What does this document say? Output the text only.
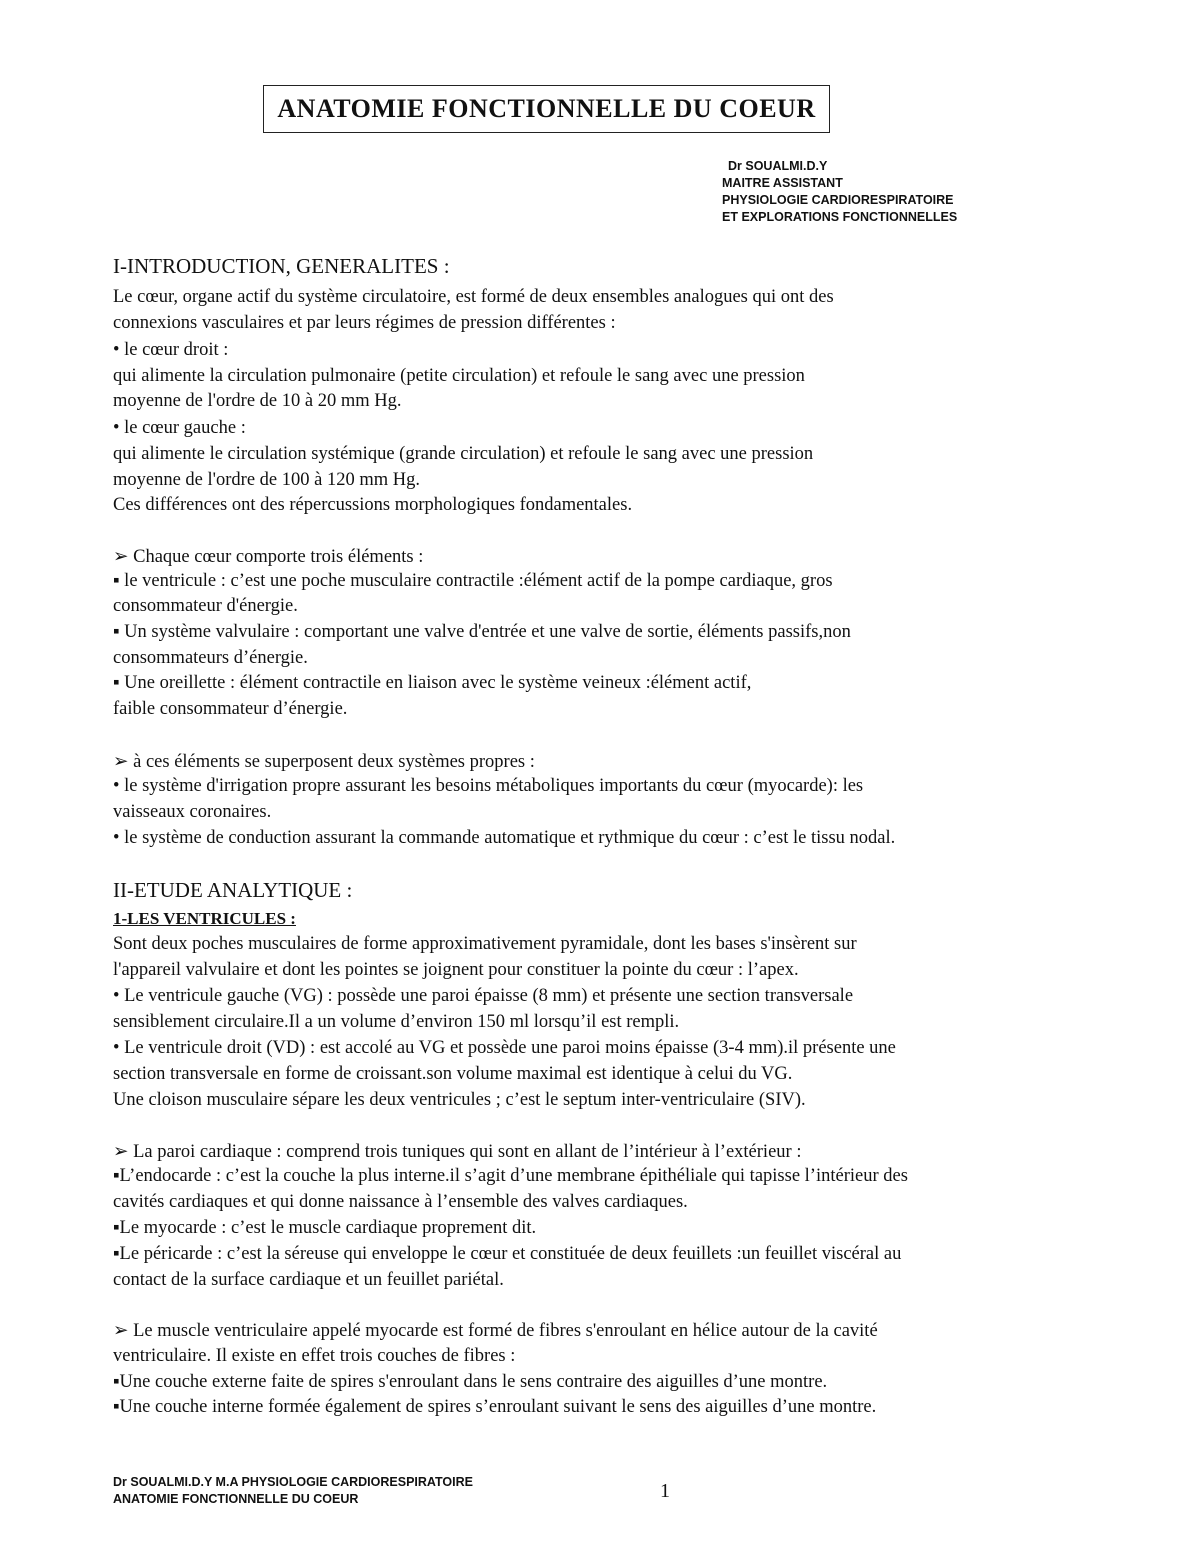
ANATOMIE FONCTIONNELLE DU COEUR
Dr SOUALMI.D.Y
MAITRE ASSISTANT
PHYSIOLOGIE CARDIORESPIRATOIRE
ET EXPLORATIONS FONCTIONNELLES
I-INTRODUCTION, GENERALITES :
Le cœur, organe actif du système circulatoire, est formé de deux ensembles analogues qui ont des
connexions vasculaires et par leurs régimes de pression différentes :
• le cœur droit :
qui alimente la circulation pulmonaire (petite circulation) et refoule le sang avec une pression
moyenne de l'ordre de 10 à 20 mm Hg.
• le cœur gauche :
qui alimente le circulation systémique (grande circulation) et refoule le sang avec une pression
moyenne de l'ordre de 100 à 120 mm Hg.
Ces différences ont des répercussions morphologiques fondamentales.
➢ Chaque cœur comporte trois éléments :
▪ le ventricule : c’est une poche musculaire contractile :élément actif de la pompe cardiaque, gros
consommateur d'énergie.
▪ Un système valvulaire : comportant une valve d'entrée et une valve de sortie, éléments passifs,non
consommateurs d’énergie.
▪ Une oreillette : élément contractile en liaison avec le système veineux :élément actif,
faible consommateur d’énergie.
➢ à ces éléments se superposent deux systèmes propres :
• le système d'irrigation propre assurant les besoins métaboliques importants du cœur (myocarde): les
vaisseaux coronaires.
• le système de conduction assurant la commande automatique et rythmique du cœur : c’est le tissu nodal.
II-ETUDE ANALYTIQUE :
1-LES VENTRICULES :
Sont deux poches musculaires de forme approximativement pyramidale, dont les bases s'insèrent sur
l'appareil valvulaire et dont les pointes se joignent pour constituer la pointe du cœur : l’apex.
• Le ventricule gauche (VG) : possède une paroi épaisse (8 mm) et présente une section transversale
sensiblement circulaire.Il a un volume d’environ 150 ml lorsqu’il est rempli.
• Le ventricule droit (VD) : est accolé au VG et possède une paroi moins épaisse (3-4 mm).il présente une
section transversale en forme de croissant.son volume maximal est identique à celui du VG.
Une cloison musculaire sépare les deux ventricules ; c’est le septum inter-ventriculaire (SIV).
➢ La paroi cardiaque : comprend trois tuniques qui sont en allant de l’intérieur à l’extérieur :
▪L’endocarde : c’est la couche la plus interne.il s’agit d’une membrane épithéliale qui tapisse l’intérieur des
cavités cardiaques et qui donne naissance à l’ensemble des valves cardiaques.
▪Le myocarde : c’est le muscle cardiaque proprement dit.
▪Le péricarde : c’est la séreuse qui enveloppe le cœur et constituée de deux feuillets :un feuillet viscéral au
contact de la surface cardiaque et un feuillet pariétal.
➢ Le muscle ventriculaire appelé myocarde est formé de fibres s'enroulant en hélice autour de la cavité
ventriculaire. Il existe en effet trois couches de fibres :
▪Une couche externe faite de spires s'enroulant dans le sens contraire des aiguilles d’une montre.
▪Une couche interne formée également de spires s’enroulant suivant le sens des aiguilles d’une montre.
Dr SOUALMI.D.Y M.A PHYSIOLOGIE CARDIORESPIRATOIRE
ANATOMIE FONCTIONNELLE DU COEUR	1
